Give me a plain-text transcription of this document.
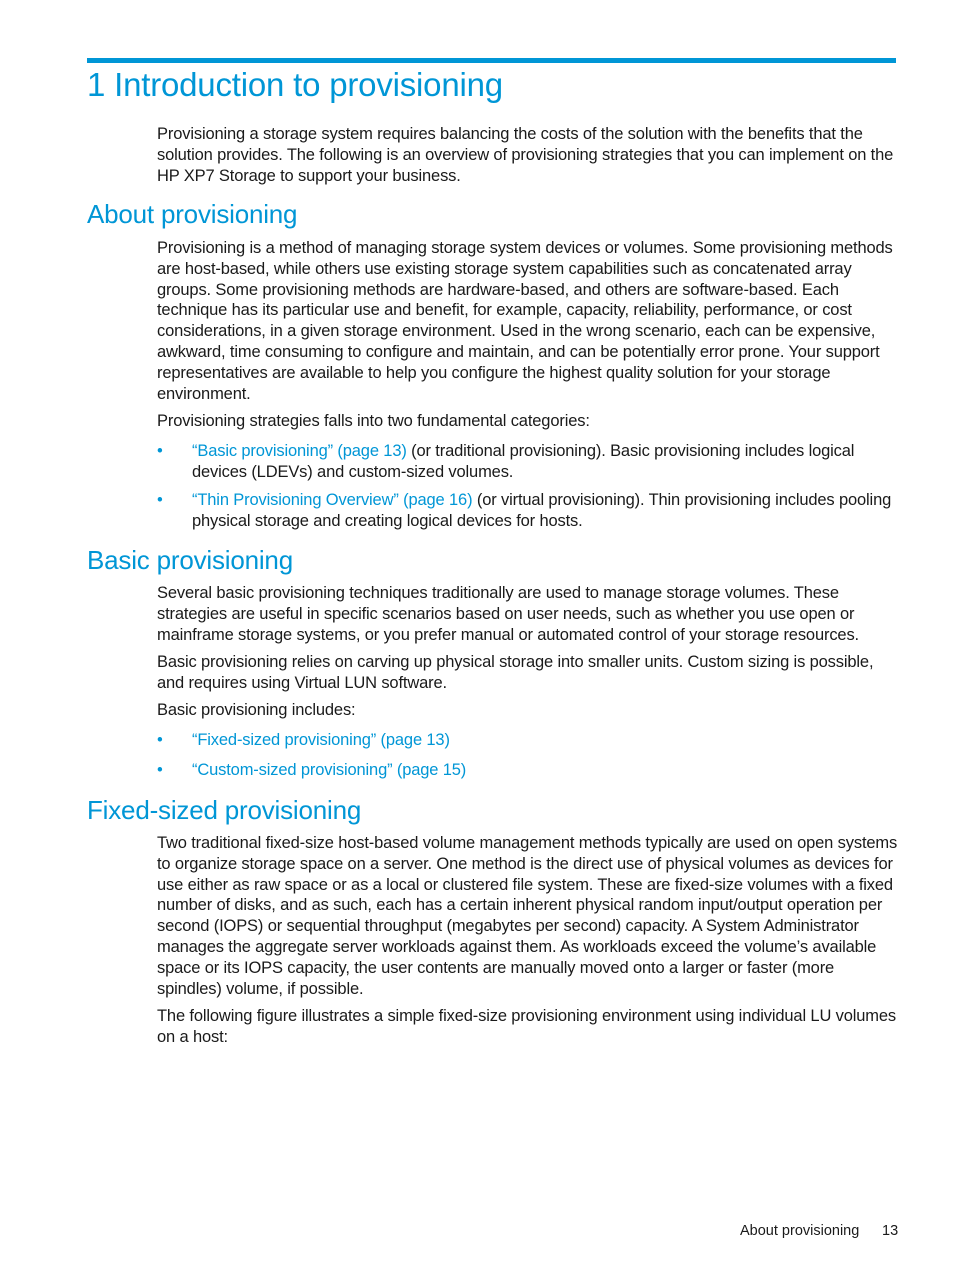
1 Introduction to provisioning

Provisioning a storage system requires balancing the costs of the solution with the benefits that the solution provides. The following is an overview of provisioning strategies that you can implement on the HP XP7 Storage to support your business.

About provisioning

Provisioning is a method of managing storage system devices or volumes. Some provisioning methods are host-based, while others use existing storage system capabilities such as concatenated array groups. Some provisioning methods are hardware-based, and others are software-based. Each technique has its particular use and benefit, for example, capacity, reliability, performance, or cost considerations, in a given storage environment. Used in the wrong scenario, each can be expensive, awkward, time consuming to configure and maintain, and can be potentially error prone. Your support representatives are available to help you configure the highest quality solution for your storage environment.

Provisioning strategies falls into two fundamental categories:

• “Basic provisioning” (page 13) (or traditional provisioning). Basic provisioning includes logical devices (LDEVs) and custom-sized volumes.
• “Thin Provisioning Overview” (page 16) (or virtual provisioning). Thin provisioning includes pooling physical storage and creating logical devices for hosts.
Basic provisioning

Several basic provisioning techniques traditionally are used to manage storage volumes. These strategies are useful in specific scenarios based on user needs, such as whether you use open or mainframe storage systems, or you prefer manual or automated control of your storage resources.

Basic provisioning relies on carving up physical storage into smaller units. Custom sizing is possible, and requires using Virtual LUN software.

Basic provisioning includes:

• “Fixed-sized provisioning” (page 13)
• “Custom-sized provisioning” (page 15)
Fixed-sized provisioning

Two traditional fixed-size host-based volume management methods typically are used on open systems to organize storage space on a server. One method is the direct use of physical volumes as devices for use either as raw space or as a local or clustered file system. These are fixed-size volumes with a fixed number of disks, and as such, each has a certain inherent physical random input/output operation per second (IOPS) or sequential throughput (megabytes per second) capacity. A System Administrator manages the aggregate server workloads against them. As workloads exceed the volume’s available space or its IOPS capacity, the user contents are manually moved onto a larger or faster (more spindles) volume, if possible.

The following figure illustrates a simple fixed-size provisioning environment using individual LU volumes on a host:

About provisioning 13
